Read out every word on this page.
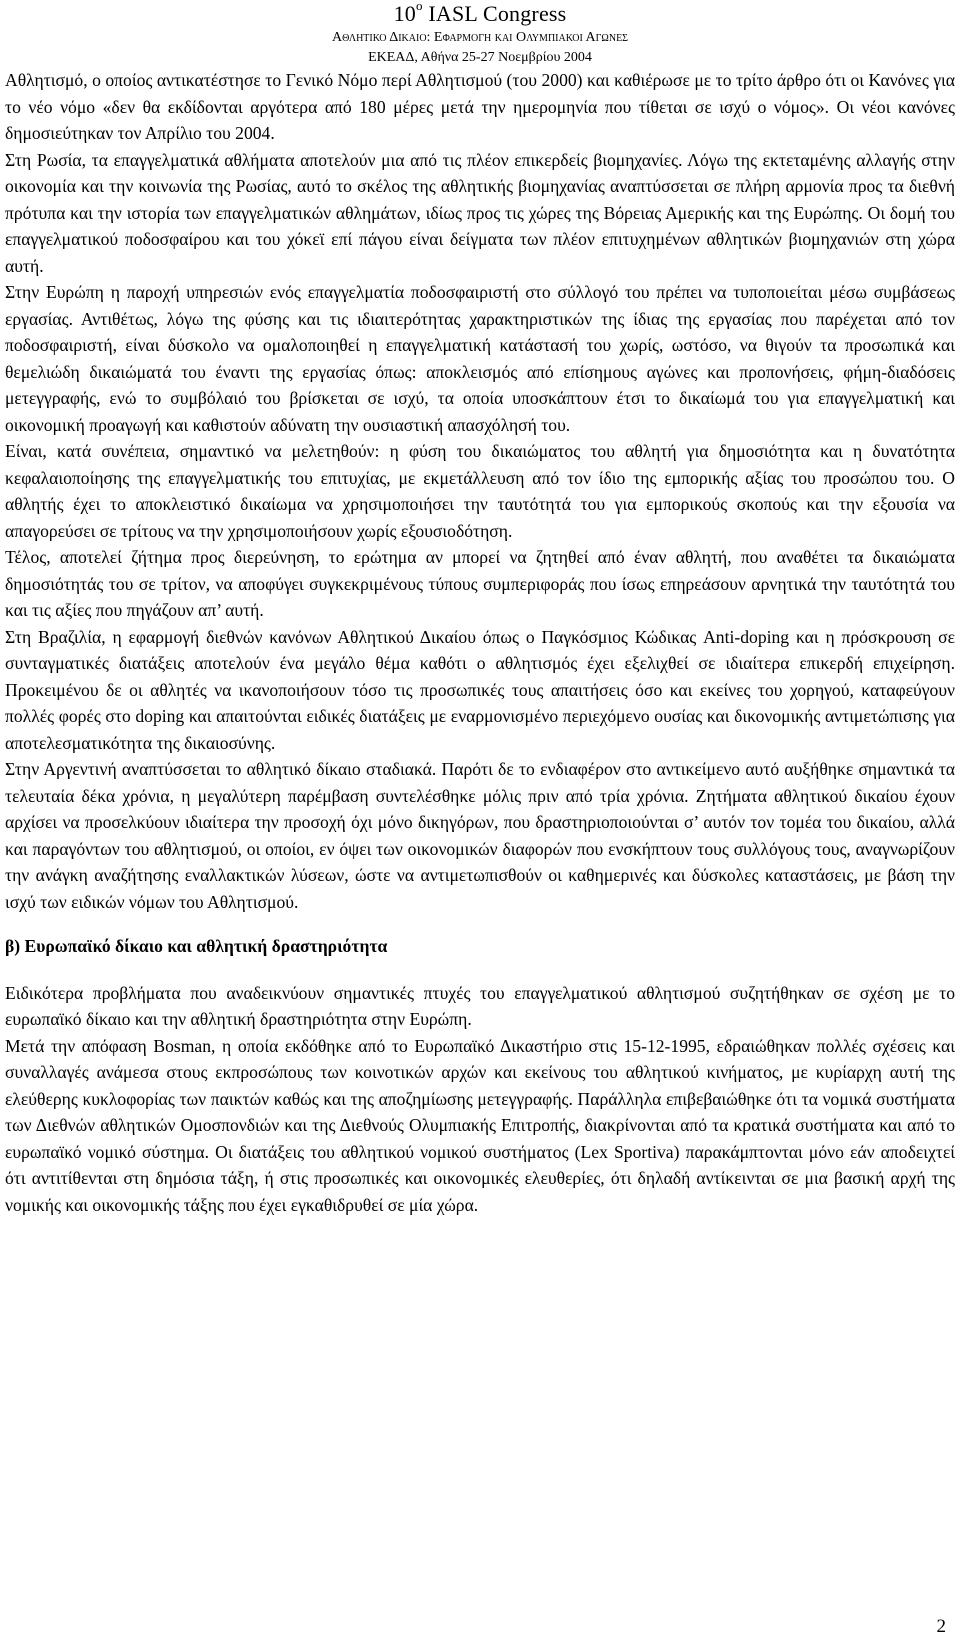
10$^o$ IASL Congress
Αθλητικο Δικαιο: Εφαρμογη και Ολυμπιακοι Αγωνες
ΕΚΕΑΔ, Αθήνα 25-27 Νοεμβρίου 2004

Αθλητισμό, ο οποίος αντικατέστησε το Γενικό Νόμο περί Αθλητισμού (του 2000) και καθιέρωσε με το τρίτο άρθρο ότι οι Κανόνες για το νέο νόμο «δεν θα εκδίδονται αργότερα από 180 μέρες μετά την ημερομηνία που τίθεται σε ισχύ ο νόμος». Οι νέοι κανόνες δημοσιεύτηκαν τον Απρίλιο του 2004.

Στη Ρωσία, τα επαγγελματικά αθλήματα αποτελούν μια από τις πλέον επικερδείς βιομηχανίες. Λόγω της εκτεταμένης αλλαγής στην οικονομία και την κοινωνία της Ρωσίας, αυτό το σκέλος της αθλητικής βιομηχανίας αναπτύσσεται σε πλήρη αρμονία προς τα διεθνή πρότυπα και την ιστορία των επαγγελματικών αθλημάτων, ιδίως προς τις χώρες της Βόρειας Αμερικής και της Ευρώπης. Οι δομή του επαγγελματικού ποδοσφαίρου και του χόκεϊ επί πάγου είναι δείγματα των πλέον επιτυχημένων αθλητικών βιομηχανιών στη χώρα αυτή.

Στην Ευρώπη η παροχή υπηρεσιών ενός επαγγελματία ποδοσφαιριστή στο σύλλογό του πρέπει να τυποποιείται μέσω συμβάσεως εργασίας. Αντιθέτως, λόγω της φύσης και τις ιδιαιτερότητας χαρακτηριστικών της ίδιας της εργασίας που παρέχεται από τον ποδοσφαιριστή, είναι δύσκολο να ομαλοποιηθεί η επαγγελματική κατάστασή του χωρίς, ωστόσο, να θιγούν τα προσωπικά και θεμελιώδη δικαιώματά του έναντι της εργασίας όπως: αποκλεισμός από επίσημους αγώνες και προπονήσεις, φήμη-διαδόσεις μετεγγραφής, ενώ το συμβόλαιό του βρίσκεται σε ισχύ, τα οποία υποσκάπτουν έτσι το δικαίωμά του για επαγγελματική και οικονομική προαγωγή και καθιστούν αδύνατη την ουσιαστική απασχόλησή του.

Είναι, κατά συνέπεια, σημαντικό να μελετηθούν: η φύση του δικαιώματος του αθλητή για δημοσιότητα και η δυνατότητα κεφαλαιοποίησης της επαγγελματικής του επιτυχίας, με εκμετάλλευση από τον ίδιο της εμπορικής αξίας του προσώπου του. Ο αθλητής έχει το αποκλειστικό δικαίωμα να χρησιμοποιήσει την ταυτότητά του για εμπορικούς σκοπούς και την εξουσία να απαγορεύσει σε τρίτους να την χρησιμοποιήσουν χωρίς εξουσιοδότηση.

Τέλος, αποτελεί ζήτημα προς διερεύνηση, το ερώτημα αν μπορεί να ζητηθεί από έναν αθλητή, που αναθέτει τα δικαιώματα δημοσιότητάς του σε τρίτον, να αποφύγει συγκεκριμένους τύπους συμπεριφοράς που ίσως επηρεάσουν αρνητικά την ταυτότητά του και τις αξίες που πηγάζουν απ’ αυτή.

Στη Βραζιλία, η εφαρμογή διεθνών κανόνων Αθλητικού Δικαίου όπως ο Παγκόσμιος Κώδικας Anti-doping και η πρόσκρουση σε συνταγματικές διατάξεις αποτελούν ένα μεγάλο θέμα καθότι ο αθλητισμός έχει εξελιχθεί σε ιδιαίτερα επικερδή επιχείρηση. Προκειμένου δε οι αθλητές να ικανοποιήσουν τόσο τις προσωπικές τους απαιτήσεις όσο και εκείνες του χορηγού, καταφεύγουν πολλές φορές στο doping και απαιτούνται ειδικές διατάξεις με εναρμονισμένο περιεχόμενο ουσίας και δικονομικής αντιμετώπισης για αποτελεσματικότητα της δικαιοσύνης.

Στην Αργεντινή αναπτύσσεται το αθλητικό δίκαιο σταδιακά. Παρότι δε το ενδιαφέρον στο αντικείμενο αυτό αυξήθηκε σημαντικά τα τελευταία δέκα χρόνια, η μεγαλύτερη παρέμβαση συντελέσθηκε μόλις πριν από τρία χρόνια. Ζητήματα αθλητικού δικαίου έχουν αρχίσει να προσελκύουν ιδιαίτερα την προσοχή όχι μόνο δικηγόρων, που δραστηριοποιούνται σ’ αυτόν τον τομέα του δικαίου, αλλά και παραγόντων του αθλητισμού, οι οποίοι, εν όψει των οικονομικών διαφορών που ενσκήπτουν τους συλλόγους τους, αναγνωρίζουν την ανάγκη αναζήτησης εναλλακτικών λύσεων, ώστε να αντιμετωπισθούν οι καθημερινές και δύσκολες καταστάσεις, με βάση την ισχύ των ειδικών νόμων του Αθλητισμού.

β) Ευρωπαϊκό δίκαιο και αθλητική δραστηριότητα

Ειδικότερα προβλήματα που αναδεικνύουν σημαντικές πτυχές του επαγγελματικού αθλητισμού συζητήθηκαν σε σχέση με το ευρωπαϊκό δίκαιο και την αθλητική δραστηριότητα στην Ευρώπη.

Μετά την απόφαση Bosman, η οποία εκδόθηκε από το Ευρωπαϊκό Δικαστήριο στις 15-12-1995, εδραιώθηκαν πολλές σχέσεις και συναλλαγές ανάμεσα στους εκπροσώπους των κοινοτικών αρχών και εκείνους του αθλητικού κινήματος, με κυρίαρχη αυτή της ελεύθερης κυκλοφορίας των παικτών καθώς και της αποζημίωσης μετεγγραφής. Παράλληλα επιβεβαιώθηκε ότι τα νομικά συστήματα των Διεθνών αθλητικών Ομοσπονδιών και της Διεθνούς Ολυμπιακής Επιτροπής, διακρίνονται από τα κρατικά συστήματα και από το ευρωπαϊκό νομικό σύστημα. Οι διατάξεις του αθλητικού νομικού συστήματος (Lex Sportiva) παρακάμπτονται μόνο εάν αποδειχτεί ότι αντιτίθενται στη δημόσια τάξη, ή στις προσωπικές και οικονομικές ελευθερίες, ότι δηλαδή αντίκεινται σε μια βασική αρχή της νομικής και οικονομικής τάξης που έχει εγκαθιδρυθεί σε μία χώρα.

2
